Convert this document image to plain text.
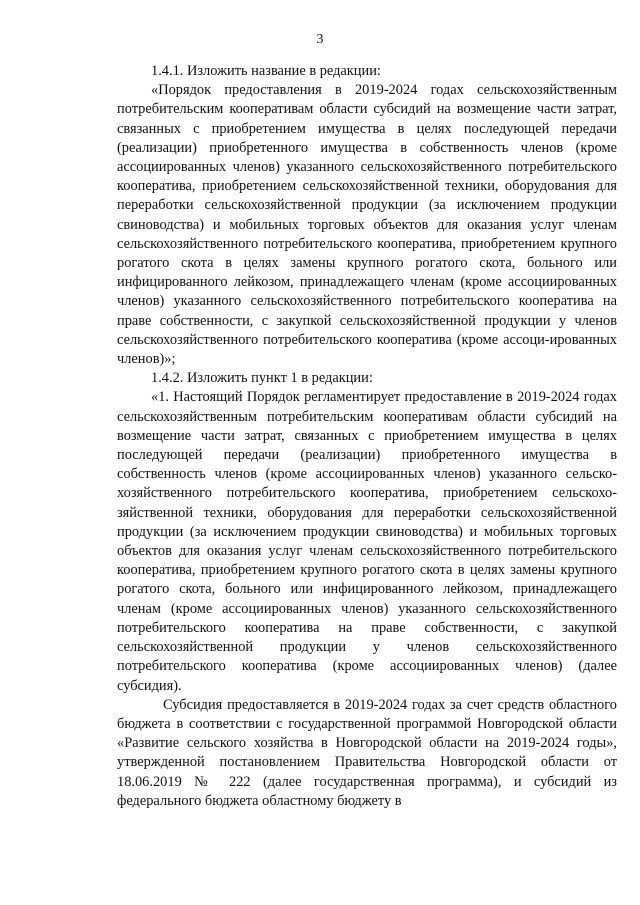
3

1.4.1. Изложить название в редакции:

«Порядок предоставления в 2019-2024 годах сельскохозяйственным потребительским кооперативам области субсидий на возмещение части затрат, связанных с приобретением имущества в целях последующей передачи (реализации) приобретенного имущества в собственность членов (кроме ассоциированных членов) указанного сельскохозяйственного потребительского кооператива, приобретением сельскохозяйственной техники, оборудования для переработки сельскохозяйственной продукции (за исключением продукции свиноводства) и мобильных торговых объектов для оказания услуг членам сельскохозяйственного потребительского кооператива, приобретением крупного рогатого скота в целях замены крупного рогатого скота, больного или инфицированного лейкозом, принадлежащего членам (кроме ассоциированных членов) указанного сельскохозяйственного потребительского кооператива на праве собственности, с закупкой сельскохозяйственной продукции у членов сельскохозяйственного потребительского кооператива (кроме ассоци-ированных членов)»;

1.4.2. Изложить пункт 1 в редакции:

«1. Настоящий Порядок регламентирует предоставление в 2019-2024 годах сельскохозяйственным потребительским кооперативам области субсидий на возмещение части затрат, связанных с приобретением имущества в целях последующей передачи (реализации) приобретенного имущества в собственность членов (кроме ассоциированных членов) указанного сельско-хозяйственного потребительского кооператива, приобретением сельскохо-зяйственной техники, оборудования для переработки сельскохозяйственной продукции (за исключением продукции свиноводства) и мобильных торговых объектов для оказания услуг членам сельскохозяйственного потребительского кооператива, приобретением крупного рогатого скота в целях замены крупного рогатого скота, больного или инфицированного лейкозом, принадлежащего членам (кроме ассоциированных членов) указанного сельскохозяйственного потребительского кооператива на праве собственности, с закупкой сельскохозяйственной продукции у членов сельскохозяйственного потребительского кооператива (кроме ассоциированных членов) (далее субсидия).

Субсидия предоставляется в 2019-2024 годах за счет средств областного бюджета в соответствии с государственной программой Новгородской области «Развитие сельского хозяйства в Новгородской области на 2019-2024 годы», утвержденной постановлением Правительства Новгородской области от 18.06.2019 № 222 (далее государственная программа), и субсидий из федерального бюджета областному бюджету в
